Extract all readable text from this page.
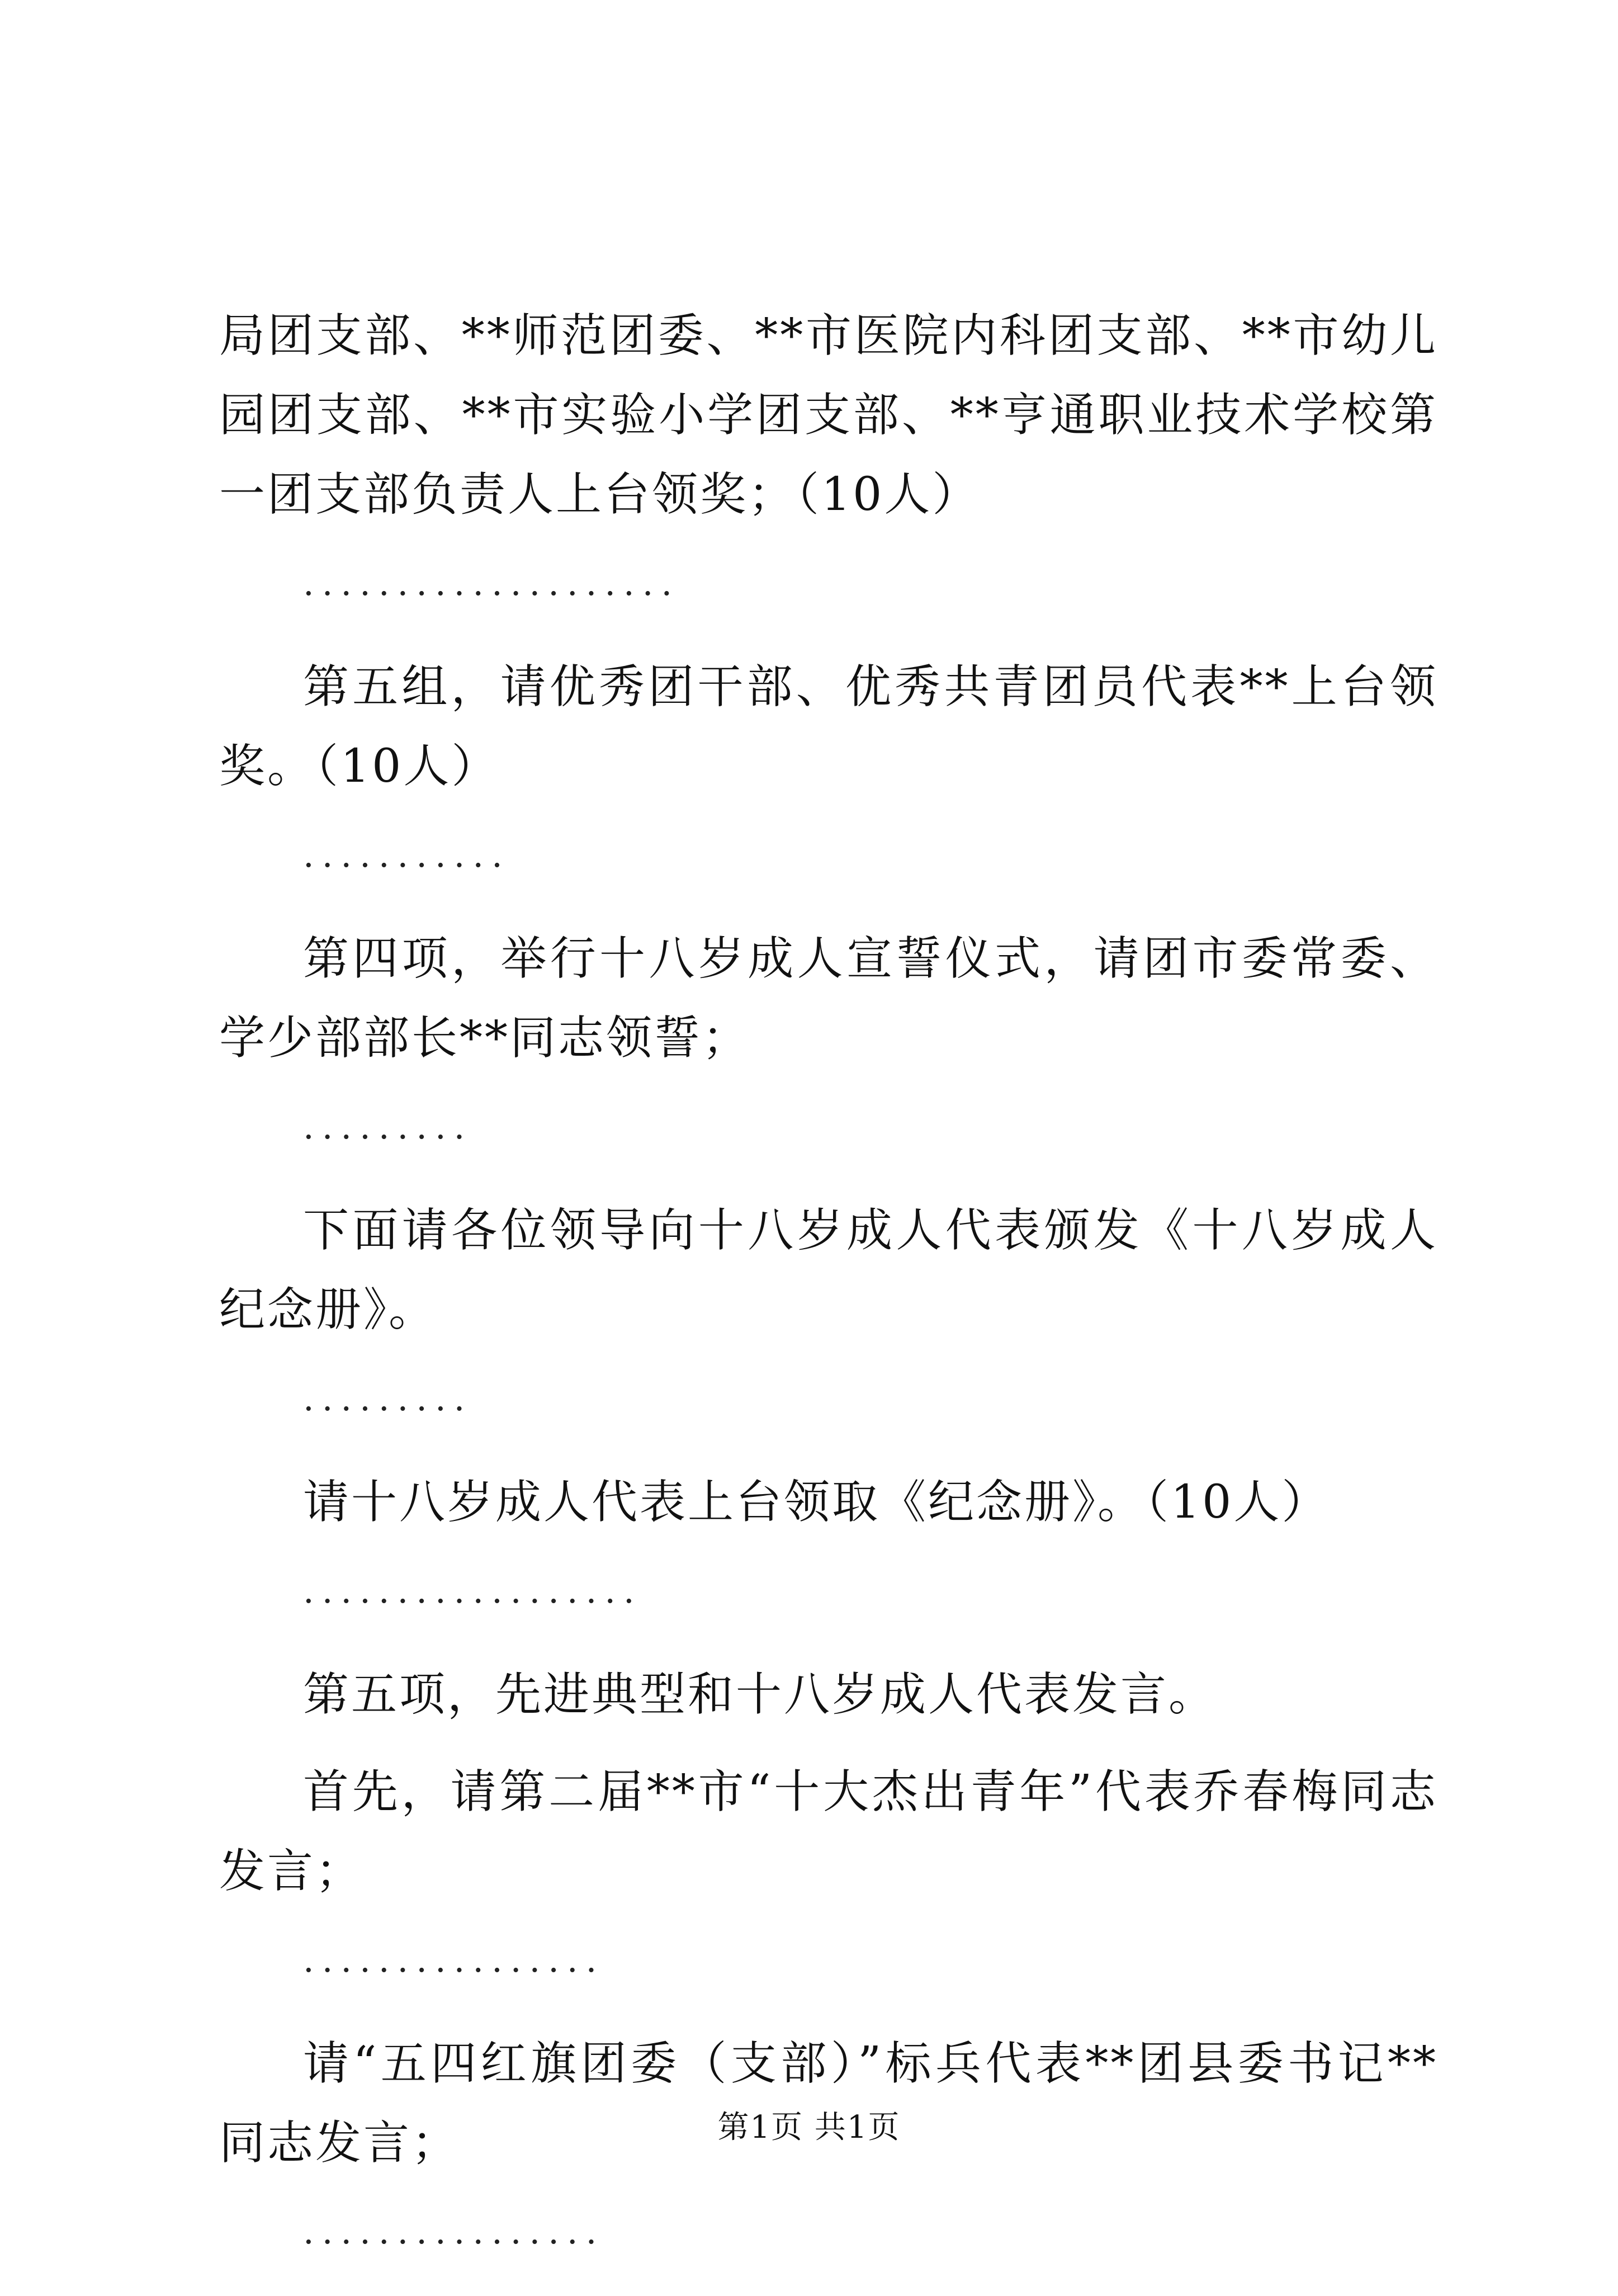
局团支部、**师范团委、**市医院内科团支部、**市幼儿园团支部、**市实验小学团支部、**亨通职业技术学校第一团支部负责人上台领奖；（10人）

....................

第五组，请优秀团干部、优秀共青团员代表**上台领奖。（10人）

...........

第四项，举行十八岁成人宣誓仪式，请团市委常委、学少部部长**同志领誓；

.........

下面请各位领导向十八岁成人代表颁发《十八岁成人纪念册》。

.........

请十八岁成人代表上台领取《纪念册》。（10人）

..................

第五项，先进典型和十八岁成人代表发言。

首先，请第二届**市“十大杰出青年”代表乔春梅同志发言；

................

请“五四红旗团委（支部）”标兵代表**团县委书记**同志发言；

................
第1页 共1页
